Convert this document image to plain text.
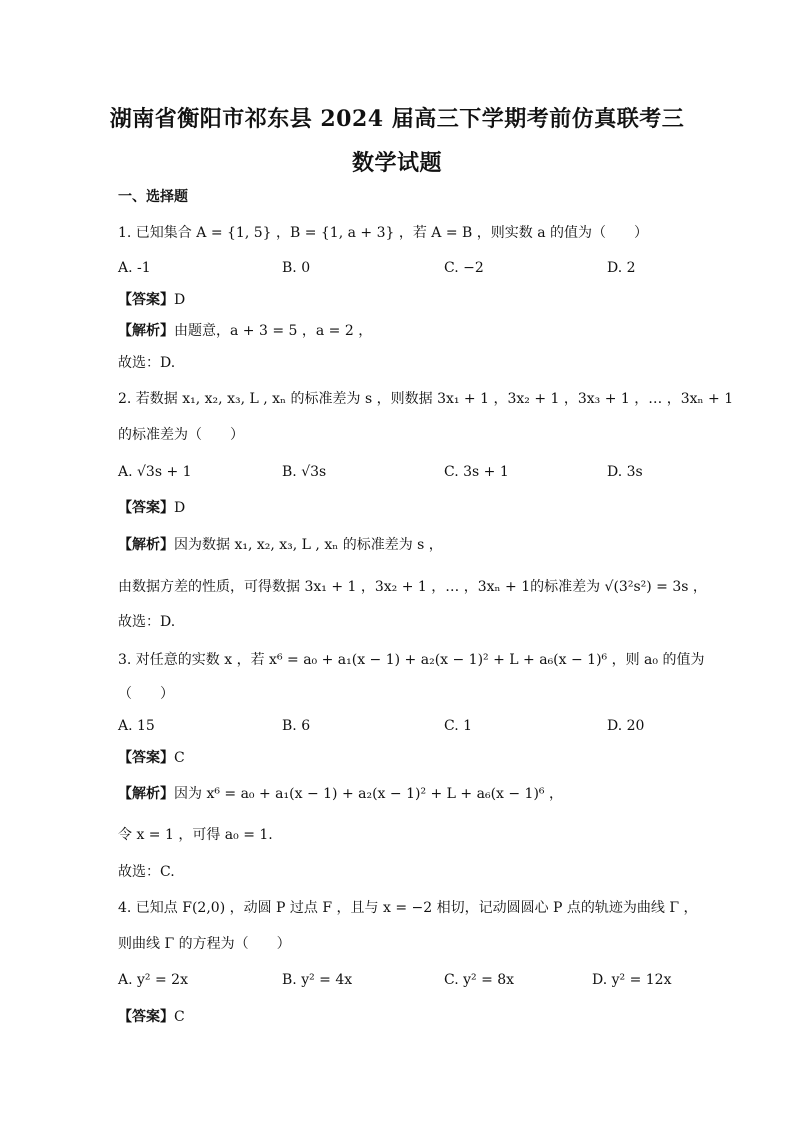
湖南省衡阳市祁东县 2024 届高三下学期考前仿真联考三
数学试题
一、选择题
1. 已知集合 A = {1, 5} ，B = {1, a + 3} ，若 A = B ，则实数 a 的值为（　　）
A. -1	B. 0	C. −2	D. 2
【答案】D
【解析】由题意，a + 3 = 5 ，a = 2 ，
故选：D.
2. 若数据 x₁, x₂, x₃, L , xₙ 的标准差为 s ，则数据 3x₁ + 1 ，3x₂ + 1 ，3x₃ + 1 ，… ，3xₙ + 1
的标准差为（　　）
A. √3s + 1	B. √3s	C. 3s + 1	D. 3s
【答案】D
【解析】因为数据 x₁, x₂, x₃, L , xₙ 的标准差为 s ，
由数据方差的性质，可得数据 3x₁ + 1 ，3x₂ + 1 ，… ，3xₙ + 1的标准差为 √(3²s²) = 3s ，
故选：D.
3. 对任意的实数 x ，若 x⁶ = a₀ + a₁(x − 1) + a₂(x − 1)² + L + a₆(x − 1)⁶ ，则 a₀ 的值为
（　　）
A. 15	B. 6	C. 1	D. 20
【答案】C
【解析】因为 x⁶ = a₀ + a₁(x − 1) + a₂(x − 1)² + L + a₆(x − 1)⁶ ，
令 x = 1 ，可得 a₀ = 1.
故选：C.
4. 已知点 F(2,0) ，动圆 P 过点 F ，且与 x = −2 相切，记动圆圆心 P 点的轨迹为曲线 Γ ，
则曲线 Γ 的方程为（　　）
A. y² = 2x	B. y² = 4x	C. y² = 8x	D. y² = 12x
【答案】C
